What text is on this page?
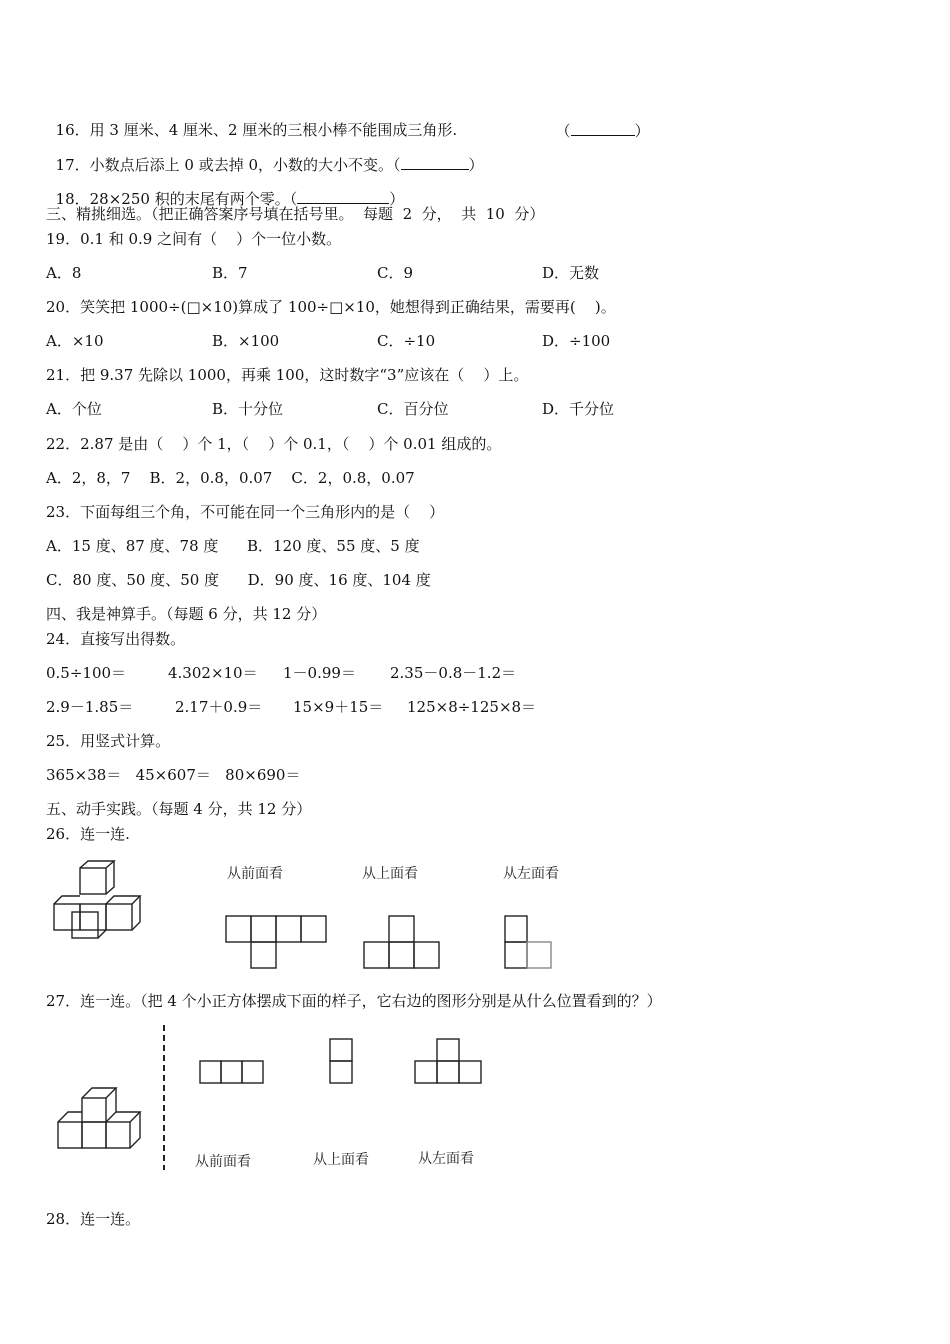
16．用 3 厘米、4 厘米、2 厘米的三根小棒不能围成三角形.	（	）

17．小数点后添上 0 或去掉 0，小数的大小不变。（	）

18．28×250 积的末尾有两个零。（	）

三、精挑细选。（把正确答案序号填在括号里。  每题  2  分，  共  10  分）
19．0.1 和 0.9 之间有（    ）个一位小数。
A．8	B．7	C．9	D．无数
20．笑笑把 1000÷(□×10)算成了 100÷□×10，她想得到正确结果，需要再(    )。
A．×10	B．×100	C．÷10	D．÷100
21．把 9.37 先除以 1000，再乘 100，这时数字“3”应该在（    ）上。
A．个位	B．十分位	C．百分位	D．千分位
22．2.87 是由（    ）个 1，（    ）个 0.1，（    ）个 0.01 组成的。
A．2，8，7    B．2，0.8，0.07    C．2，0.8，0.07
23．下面每组三个角，不可能在同一个三角形内的是（    ）
A．15 度、87 度、78 度      B．120 度、55 度、5 度
C．80 度、50 度、50 度      D．90 度、16 度、104 度
四、我是神算手。（每题 6 分，共 12 分）
24．直接写出得数。
0.5÷100＝	4.302×10＝ 1－0.99＝ 2.35－0.8－1.2＝
2.9－1.85＝	2.17＋0.9＝ 15×9＋15＝ 125×8÷125×8＝
25．用竖式计算。
365×38＝   45×607＝   80×690＝
五、动手实践。（每题 4 分，共 12 分）
26．连一连.
从前面看	从上面看	从左面看
27．连一连。（把 4 个小正方体摆成下面的样子，它右边的图形分别是从什么位置看到的？）
从前面看	从上面看	从左面看
28．连一连。
